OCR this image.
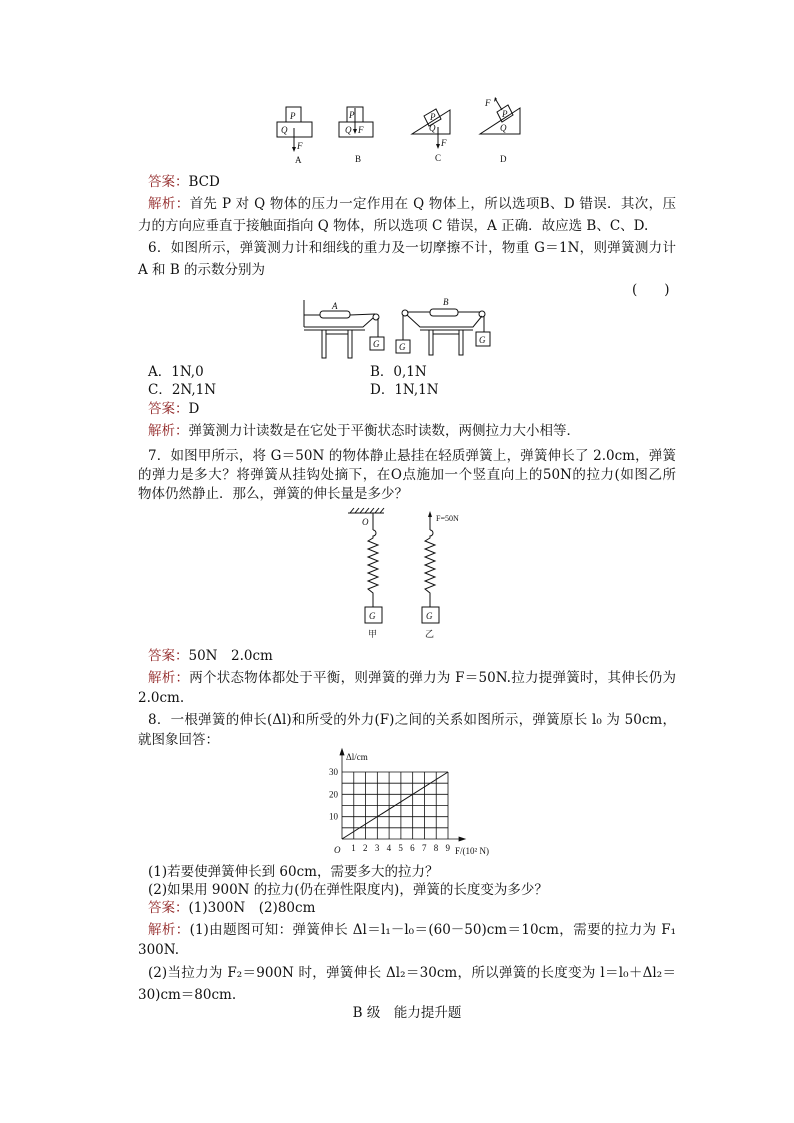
P
Q
F
P
Q F
P
Q
F
P
Q
F
A	B	C	D
答案：BCD
解析：首先 P 对 Q 物体的压力一定作用在 Q 物体上，所以选项B、D 错误．其次，压
力的方向应垂直于接触面指向 Q 物体，所以选项 C 错误，A 正确．故应选 B、C、D.
6．如图所示，弹簧测力计和细线的重力及一切摩擦不计，物重 G＝1N，则弹簧测力计
A 和 B 的示数分别为
(　　)
A	B
G G
G
A．1N,0	B．0,1N
C．2N,1N	D．1N,1N
答案：D
解析：弹簧测力计读数是在它处于平衡状态时读数，两侧拉力大小相等．
7．如图甲所示，将 G＝50N 的物体静止悬挂在轻质弹簧上，弹簧伸长了 2.0cm，弹簧
的弹力是多大？将弹簧从挂钩处摘下，在O点施加一个竖直向上的50N的拉力(如图乙所
物体仍然静止．那么，弹簧的伸长量是多少？
O	F=50N
G	G
甲	乙
答案：50N　2.0cm
解析：两个状态物体都处于平衡，则弹簧的弹力为 F＝50N.拉力提弹簧时，其伸长仍为
2.0cm.
8．一根弹簧的伸长(Δl)和所受的外力(F)之间的关系如图所示，弹簧原长 l₀ 为 50cm，
就图象回答：
1 2 3 4 5 6 7 8 9
10
20
30
Δl/cm
F/(10² N)
O
(1)若要使弹簧伸长到 60cm，需要多大的拉力？
(2)如果用 900N 的拉力(仍在弹性限度内)，弹簧的长度变为多少？
答案：(1)300N　(2)80cm
解析：(1)由题图可知：弹簧伸长 Δl＝l₁－l₀＝(60－50)cm＝10cm，需要的拉力为 F₁
300N.
(2)当拉力为 F₂＝900N 时，弹簧伸长 Δl₂＝30cm，所以弹簧的长度变为 l＝l₀＋Δl₂＝
30)cm＝80cm.
B 级　能力提升题
